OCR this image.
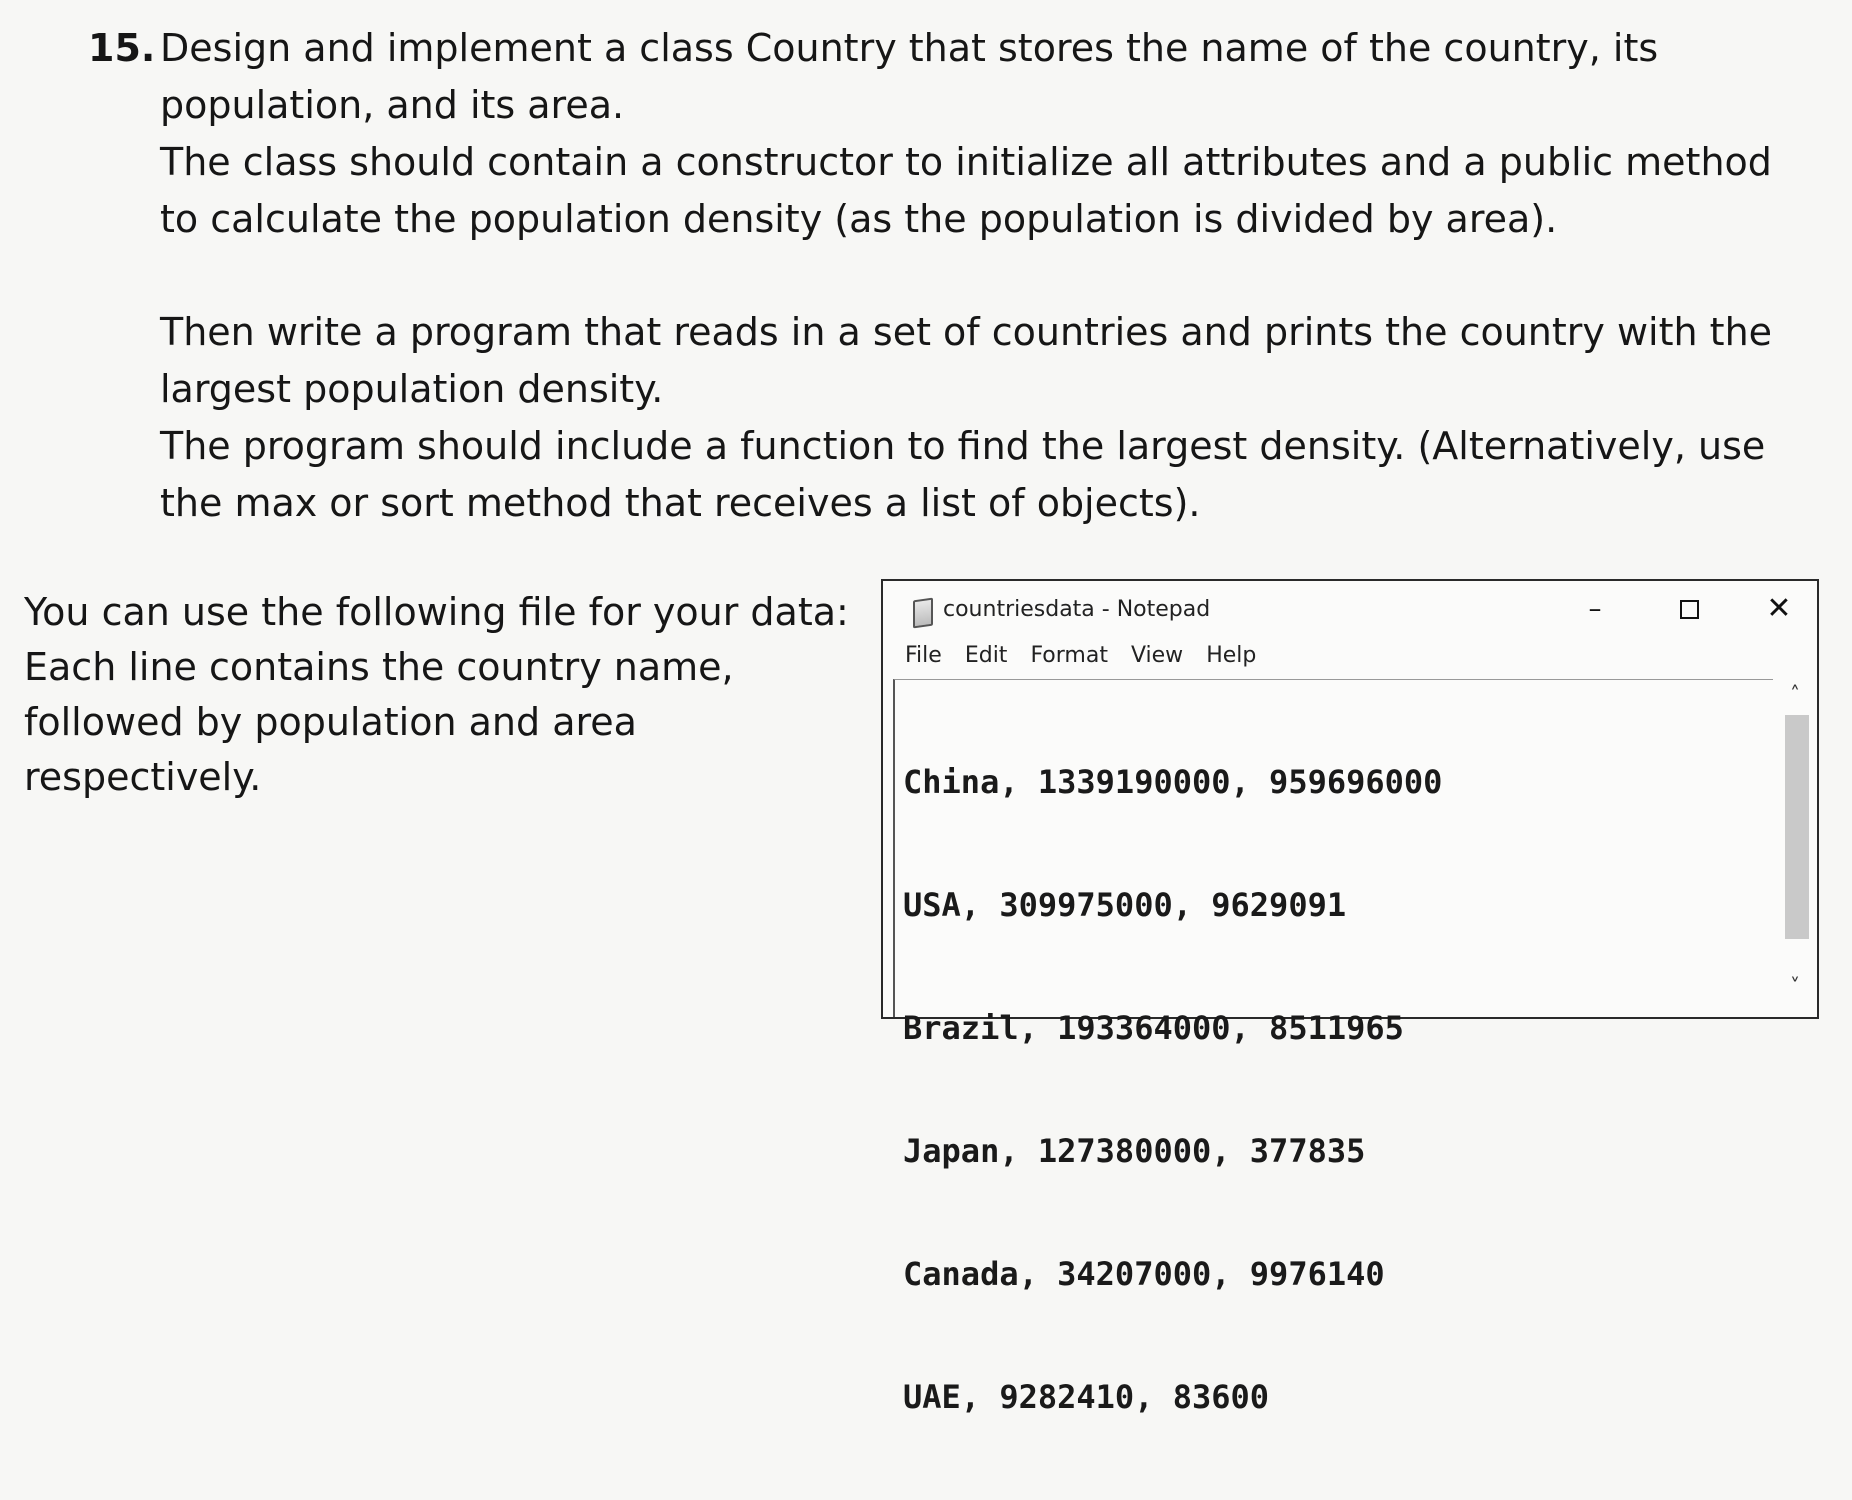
15. Design and implement a class Country that stores the name of the country, its population, and its area.

The class should contain a constructor to initialize all attributes and a public method to calculate the population density (as the population is divided by area).

Then write a program that reads in a set of countries and prints the country with the largest population density.

The program should include a function to find the largest density. (Alternatively, use the max or sort method that receives a list of objects).

You can use the following file for your data:

Each line contains the country name,

followed by population and area

respectively.

countriesdata - Notepad	–	✕
File Edit Format View Help

China, 1339190000, 959696000

USA, 309975000, 9629091

Brazil, 193364000, 8511965

Japan, 127380000, 377835

Canada, 34207000, 9976140

UAE, 9282410, 83600

˄
˅
